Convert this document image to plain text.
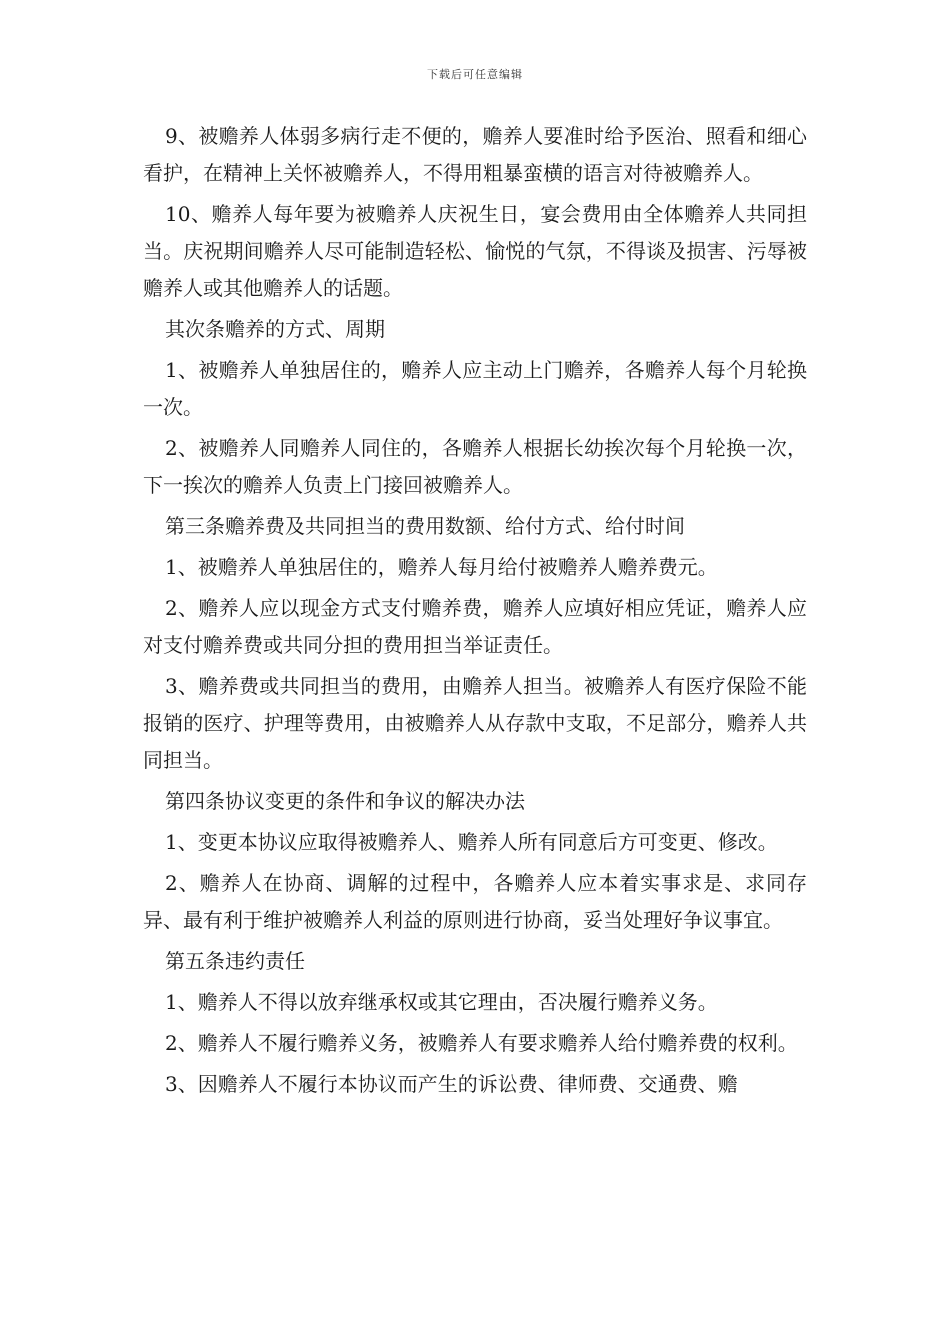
下载后可任意编辑

9、被赡养人体弱多病行走不便的，赡养人要准时给予医治、照看和细心看护，在精神上关怀被赡养人，不得用粗暴蛮横的语言对待被赡养人。

10、赡养人每年要为被赡养人庆祝生日，宴会费用由全体赡养人共同担当。庆祝期间赡养人尽可能制造轻松、愉悦的气氛，不得谈及损害、污辱被赡养人或其他赡养人的话题。

其次条赡养的方式、周期

1、被赡养人单独居住的，赡养人应主动上门赡养，各赡养人每个月轮换一次。

2、被赡养人同赡养人同住的，各赡养人根据长幼挨次每个月轮换一次，下一挨次的赡养人负责上门接回被赡养人。

第三条赡养费及共同担当的费用数额、给付方式、给付时间

1、被赡养人单独居住的，赡养人每月给付被赡养人赡养费元。

2、赡养人应以现金方式支付赡养费，赡养人应填好相应凭证，赡养人应对支付赡养费或共同分担的费用担当举证责任。

3、赡养费或共同担当的费用，由赡养人担当。被赡养人有医疗保险不能报销的医疗、护理等费用，由被赡养人从存款中支取，不足部分，赡养人共同担当。

第四条协议变更的条件和争议的解决办法

1、变更本协议应取得被赡养人、赡养人所有同意后方可变更、修改。

2、赡养人在协商、调解的过程中，各赡养人应本着实事求是、求同存异、最有利于维护被赡养人利益的原则进行协商，妥当处理好争议事宜。

第五条违约责任

1、赡养人不得以放弃继承权或其它理由，否决履行赡养义务。

2、赡养人不履行赡养义务，被赡养人有要求赡养人给付赡养费的权利。

3、因赡养人不履行本协议而产生的诉讼费、律师费、交通费、赡
